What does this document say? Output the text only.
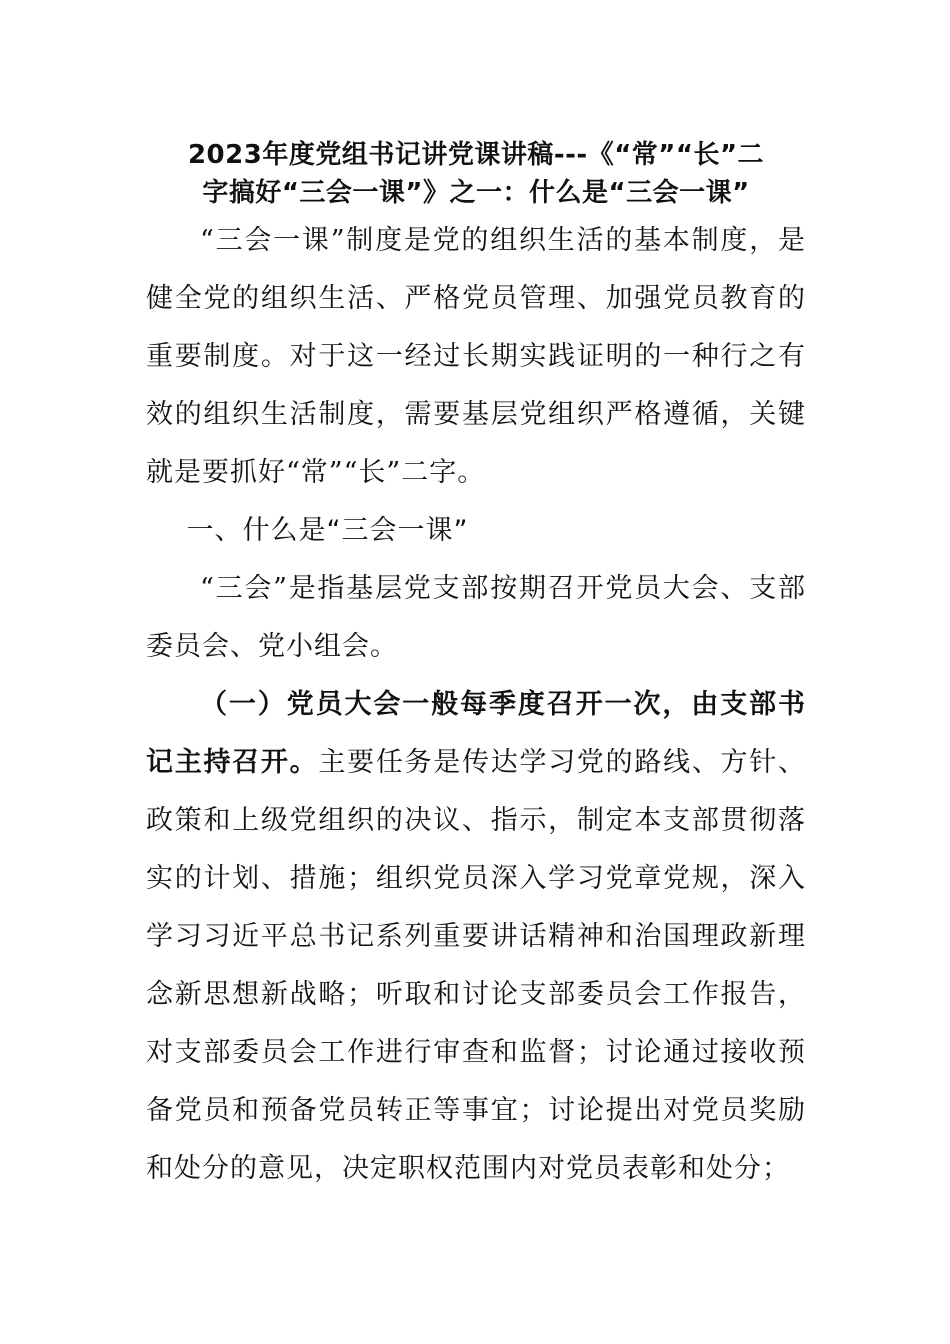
2023年度党组书记讲党课讲稿---《“常”“长”二
字搞好“三会一课”》之一：什么是“三会一课”

“三会一课”制度是党的组织生活的基本制度，是健全党的组织生活、严格党员管理、加强党员教育的重要制度。对于这一经过长期实践证明的一种行之有效的组织生活制度，需要基层党组织严格遵循，关键就是要抓好“常”“长”二字。

一、什么是“三会一课”

“三会”是指基层党支部按期召开党员大会、支部委员会、党小组会。

（一）党员大会一般每季度召开一次，由支部书记主持召开。主要任务是传达学习党的路线、方针、政策和上级党组织的决议、指示，制定本支部贯彻落实的计划、措施；组织党员深入学习党章党规，深入学习习近平总书记系列重要讲话精神和治国理政新理念新思想新战略；听取和讨论支部委员会工作报告，对支部委员会工作进行审查和监督；讨论通过接收预备党员和预备党员转正等事宜；讨论提出对党员奖励和处分的意见，决定职权范围内对党员表彰和处分；
